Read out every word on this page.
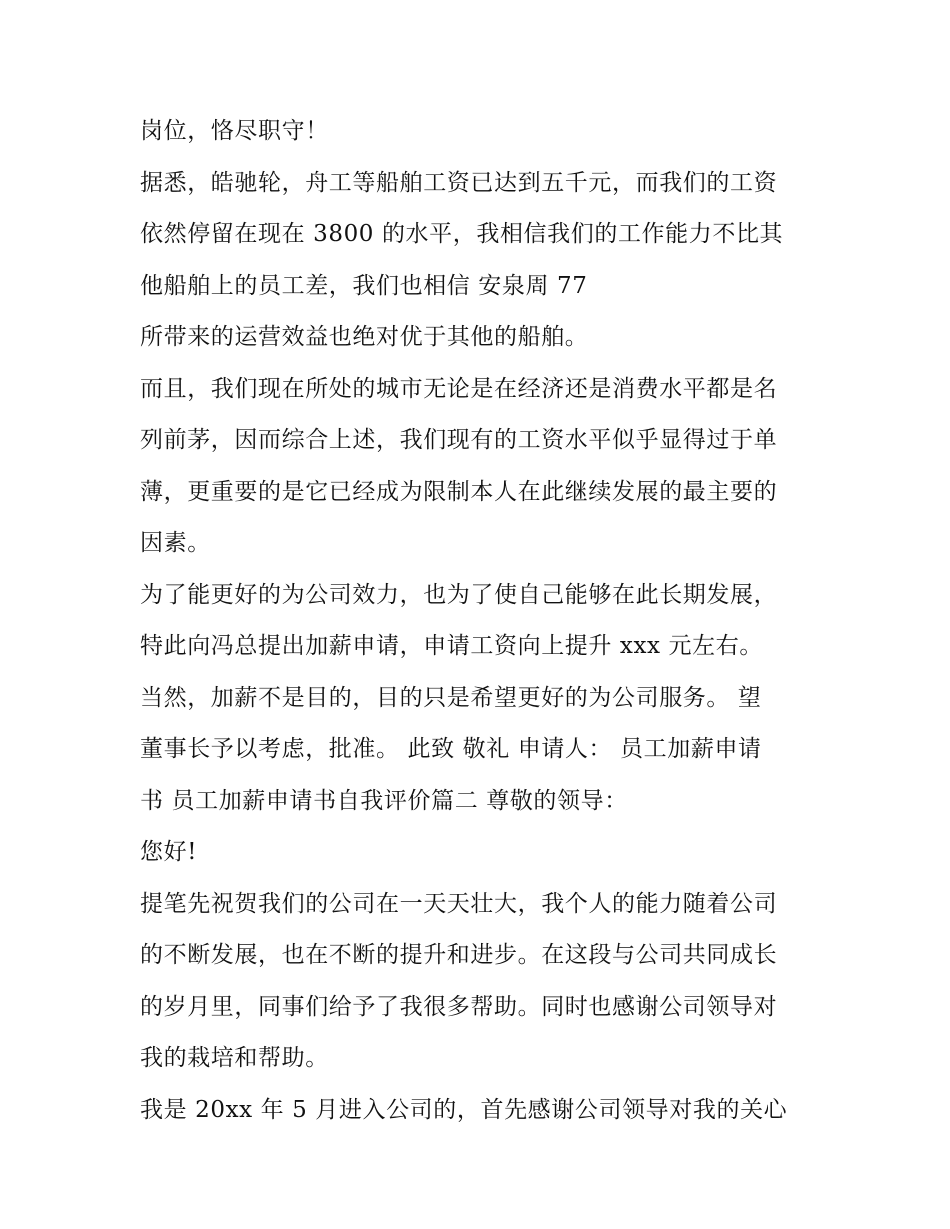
岗位，恪尽职守！
据悉，皓驰轮，舟工等船舶工资已达到五千元，而我们的工资
依然停留在现在 3800 的水平，我相信我们的工作能力不比其
他船舶上的员工差，我们也相信 安泉周 77
所带来的运营效益也绝对优于其他的船舶。
而且，我们现在所处的城市无论是在经济还是消费水平都是名
列前茅，因而综合上述，我们现有的工资水平似乎显得过于单
薄，更重要的是它已经成为限制本人在此继续发展的最主要的
因素。
为了能更好的为公司效力，也为了使自己能够在此长期发展，
特此向冯总提出加薪申请，申请工资向上提升 xxx 元左右。
当然，加薪不是目的，目的只是希望更好的为公司服务。 望
董事长予以考虑，批准。 此致 敬礼 申请人： 员工加薪申请
书 员工加薪申请书自我评价篇二 尊敬的领导：
您好!
提笔先祝贺我们的公司在一天天壮大，我个人的能力随着公司
的不断发展，也在不断的提升和进步。在这段与公司共同成长
的岁月里，同事们给予了我很多帮助。同时也感谢公司领导对
我的栽培和帮助。
我是 20xx 年 5 月进入公司的，首先感谢公司领导对我的关心
